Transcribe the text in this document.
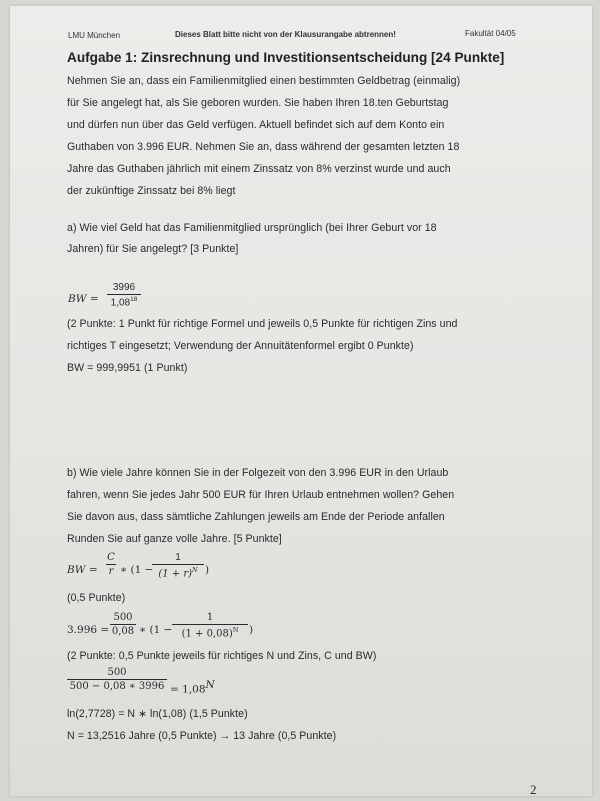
LMU München	Dieses Blatt bitte nicht von der Klausurangabe abtrennen!	Fakultät 04/05
Aufgabe 1: Zinsrechnung und Investitionsentscheidung [24 Punkte]
Nehmen Sie an, dass ein Familienmitglied einen bestimmten Geldbetrag (einmalig)
für Sie angelegt hat, als Sie geboren wurden. Sie haben Ihren 18.ten Geburtstag
und dürfen nun über das Geld verfügen. Aktuell befindet sich auf dem Konto ein
Guthaben von 3.996 EUR. Nehmen Sie an, dass während der gesamten letzten 18
Jahre das Guthaben jährlich mit einem Zinssatz von 8% verzinst wurde und auch
der zukünftige Zinssatz bei 8% liegt
a) Wie viel Geld hat das Familienmitglied ursprünglich (bei Ihrer Geburt vor 18
Jahren) für Sie angelegt? [3 Punkte]
BW =
3996
1,08$^{18}$
(2 Punkte: 1 Punkt für richtige Formel und jeweils 0,5 Punkte für richtigen Zins und
richtiges T eingesetzt; Verwendung der Annuitätenformel ergibt 0 Punkte)
BW = 999,9951 (1 Punkt)
b) Wie viele Jahre können Sie in der Folgezeit von den 3.996 EUR in den Urlaub
fahren, wenn Sie jedes Jahr 500 EUR für Ihren Urlaub entnehmen wollen? Gehen
Sie davon aus, dass sämtliche Zahlungen jeweils am Ende der Periode anfallen
Runden Sie auf ganze volle Jahre. [5 Punkte]
BW =
C
r ∗ (1 −
1
$(1 + r)^N$ )
(0,5 Punkte)
3.996 =
500
0,08 ∗ (1 −
1
$(1 + 0,08)^N$	)
(2 Punkte: 0,5 Punkte jeweils für richtiges N und Zins, C und BW)
500
500 − 0,08 ∗ $3996 = 1,08^N$
ln(2,7728) = N ∗ ln(1,08) (1,5 Punkte)
N = 13,2516 Jahre (0,5 Punkte) → 13 Jahre (0,5 Punkte)
2
